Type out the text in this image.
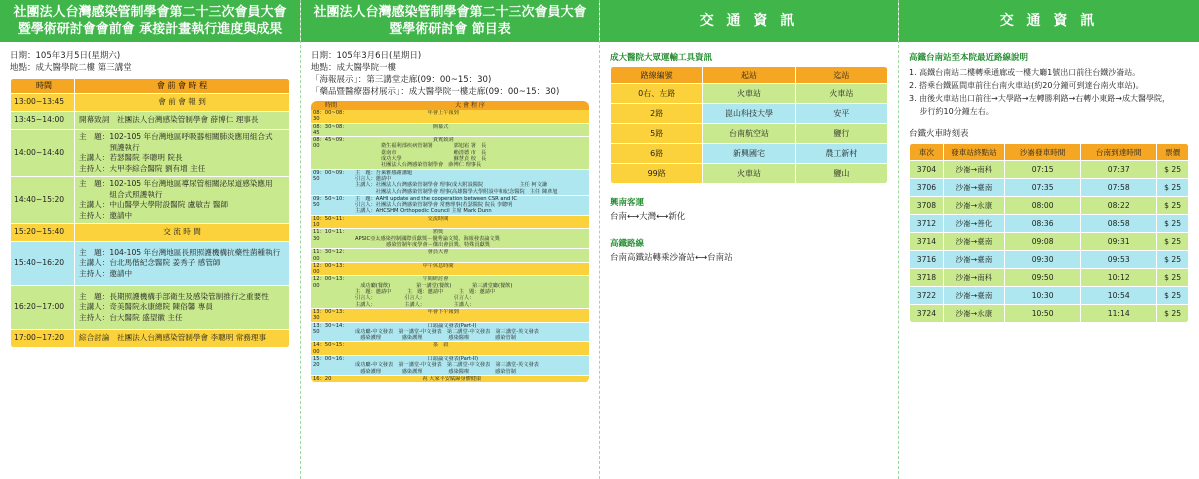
社團法人台灣感染管制學會第二十三次會員大會
暨學術研討會會前會 承接計畫執行進度與成果
日期：105年3月5日(星期六)
地點：成大醫學院二樓 第三講堂
時間	會 前 會 時 程
13:00~13:45	會 前 會 報 到
13:45~14:00	開幕致詞　社團法人台灣感染管制學會 薛博仁 理事長
14:00~14:40	主　題：102-105 年台灣地區呼吸器相關肺炎應用組合式
　　　　預護執行
主講人：若瑟醫院 李聰明 院長
主持人：大甲李綜合醫院 劉有增 主任
14:40~15:20	主　題：102-105 年台灣地區導尿管相關泌尿道感染應用
　　　　組合式照護執行
主講人：中山醫學大學附設醫院 盧敏吉 醫師
主持人：邀請中
15:20~15:40	交 流 時 間
15:40~16:20	主　題：104-105 年台灣地區長照照護機構抗藥性菌種執行
主講人：台北馬偕紀念醫院 姜秀子 感管師
主持人：邀請中
16:20~17:00	主　題：長期照護機構手部衛生及感染管制推行之重要性
主講人：奇美醫院永康總院 陳俗馨 專員
主持人：台大醫院 盛望徽 主任
17:00~17:20	綜合討論　社團法人台灣感染管制學會 李聰明 常務理事
社團法人台灣感染管制學會第二十三次會員大會
暨學術研討會 節目表
日期：105年3月6日(星期日)
地點：成大醫學院一樓
「海報展示」：第三講堂走廊(09：00~15：30)
「藥品暨醫療器材展示」：成大醫學院一樓走廊(09：00~15：30)
時間	大 會 程 序
08：00~08：30
　　　　　　　　　　　　　　年會上午報到
08：30~08：45
　　　　　　　　　　　　　　　開幕式
08：45~09：00
　　　　　　　　　　　　　　　貴賓致詞
　　　　　衛生福利部疾病管制署　　　　郭旭崧 署　長
　　　　　臺南市　　　　　　　　　　　賴清德 市　長
　　　　　成功大學　　　　　　　　　　蘇慧貞 校　長
　　　　　社團法人台灣感染管制學會　薛博仁 理事長
09：00~09：50
主　題：吾萊雅感謝講題
引言人：邀請中
主講人：社團法人台灣感染管制學會 理事(成大附設醫院　　　　　　　主任 柯文謙
　　　　社團法人台灣感染管制學會 理事(高雄醫學大學附設中和紀念醫院　主任 陳彥旭
09：50~10：50
主　題：AAHI update and the cooperation between CSR and IC
引言人：社團法人台灣感染管制學會 常務理事(若瑟醫院 院長 李聰明
主講人：AHCSHM Orthopedic Council 主席 Mark Dunn
10：50~11：10
　　　　　　　　　　　　　　交流時間
11：10~11：30
　　　　　　　　　　　　　　　頒獎
APSIC亞太感染控制國際貢獻獎－優秀論文獎、海報發表論文獎
　　　　　　感染管制年度學會－傑出會員獎、特殊貢獻獎
11：30~12：00
　　　　　　　　　　　　　　會員大會
12：00~13：00
　　　　　　　　　　　　　中午休息時間
12：00~13：00
　　　　　　　　　　　　　午間研討會
　成功廳(餐飲)　　　　　第一講堂(餐飲)　　　　第三講堂廳(餐飲)
主　題：邀請中　　　主　題：邀請中　　　主　題：邀請中
引言人：　　　　　　引言人：　　　　　　引言人：
主講人：　　　　　　主講人：　　　　　　主講人：
13：00~13：30
　　　　　　　　　　　　　　年會下午報到
13：30~14：50
　　　　　　　　　　　　　　口頭論文發表(Part-I)
成功廳-中文發表　第一講堂-中文發表　第二講堂-中文發表　第三講堂-英文發表
　感染護理　　　　感染護理　　　　　感染醫療　　　　　感染管制
14：50~15：00
　　　　　　　　　　　　　　　茶　敘
15：00~16：20
　　　　　　　　　　　　　　口頭論文發表(Part-II)
成功廳-中文發表　第一講堂-中文發表　第二講堂-中文發表　第三講堂-英文發表
　感染護理　　　　感染護理　　　　　感染醫療　　　　　感染管制
16：20	　　　　　　　　　　　　　祝 大家平安賦歸身體健康
交 通 資 訊
成大醫院大眾運輸工具資訊
路線編號	起站	迄站
0右、左路	火車站	火車站
2路	崑山科技大學	安平
5路	台南航空站	鹽行
6路	新興國宅	農工新村
99路	火車站	鹽山
興南客運
台南⟷大灣⟷新化
高鐵路線
台南高鐵站轉乘沙崙站⟷台南站
交 通 資 訊
高鐵台南站至本院最近路線說明
1. 高鐵台南站二樓轉乘通廊或一樓大廳1號出口前往台鐵沙崙站。
2. 搭乘台鐵區間車前往台南火車站(約20分鐘可到達台南火車站)。
3. 由後火車站出口前往→大學路→左轉勝利路→右轉小東路→成大醫學院，
　 步行約10分鐘左右。
台鐵火車時刻表
車次	發車站終點站	沙崙發車時間	台南到達時間	票價
3704	沙崙→南科	07:15	07:37	$ 25
3706	沙崙→臺南	07:35	07:58	$ 25
3708	沙崙→永康	08:00	08:22	$ 25
3712	沙崙→善化	08:36	08:58	$ 25
3714	沙崙→臺南	09:08	09:31	$ 25
3716	沙崙→臺南	09:30	09:53	$ 25
3718	沙崙→南科	09:50	10:12	$ 25
3722	沙崙→臺南	10:30	10:54	$ 25
3724	沙崙→永康	10:50	11:14	$ 25
